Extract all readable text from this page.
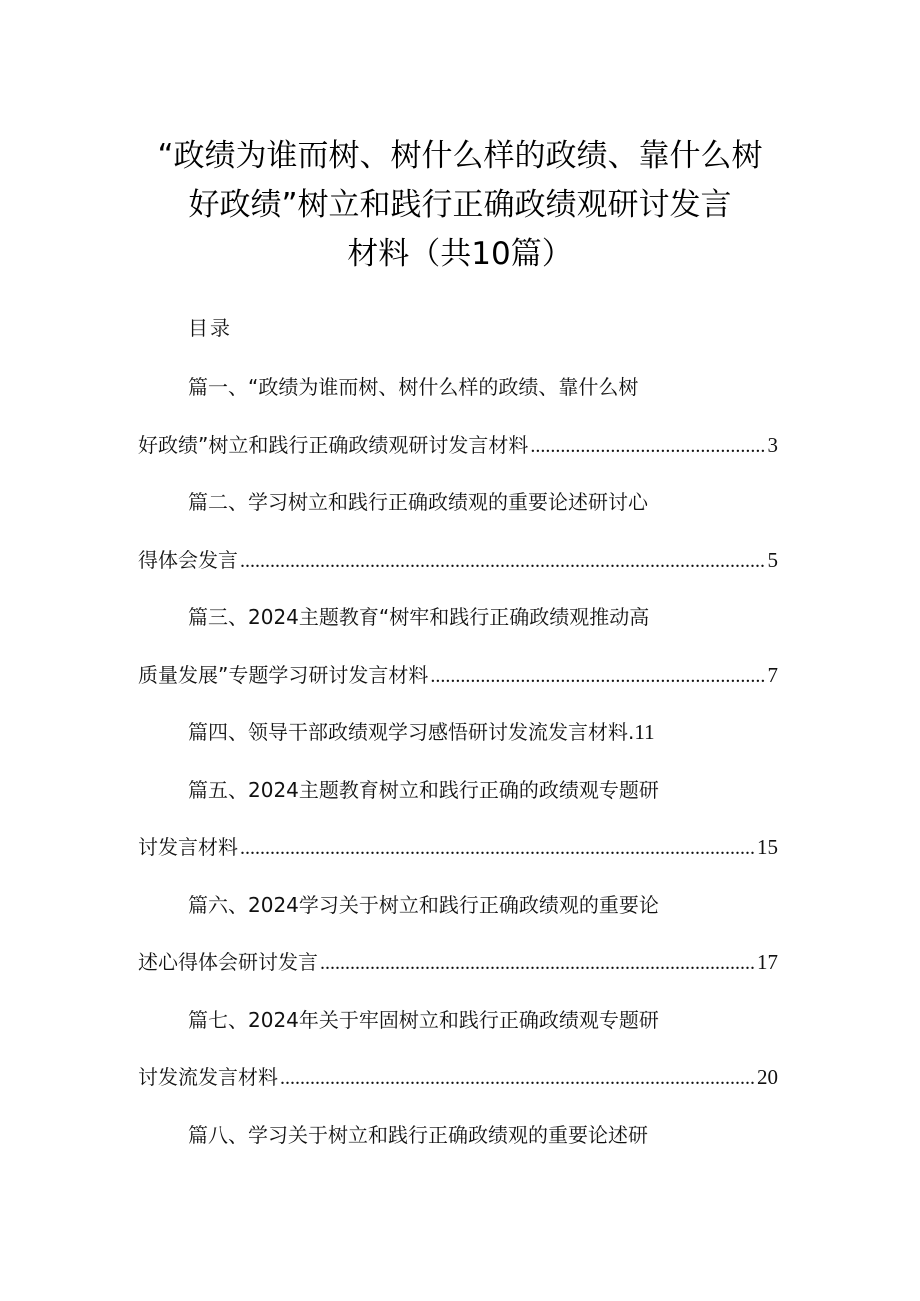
“政绩为谁而树、树什么样的政绩、靠什么树
好政绩”树立和践行正确政绩观研讨发言
材料（共10篇）
目录
篇一、“政绩为谁而树、树什么样的政绩、靠什么树
好政绩”树立和践行正确政绩观研讨发言材料 .....	3
篇二、学习树立和践行正确政绩观的重要论述研讨心
得体会发言 .....	5
篇三、2024主题教育“树牢和践行正确政绩观推动高
质量发展”专题学习研讨发言材料 .....	7
篇四、领导干部政绩观学习感悟研讨发流发言材料.11
篇五、2024主题教育树立和践行正确的政绩观专题研
讨发言材料 .....	15
篇六、2024学习关于树立和践行正确政绩观的重要论
述心得体会研讨发言 .....	17
篇七、2024年关于牢固树立和践行正确政绩观专题研
讨发流发言材料 .....	20
篇八、学习关于树立和践行正确政绩观的重要论述研
